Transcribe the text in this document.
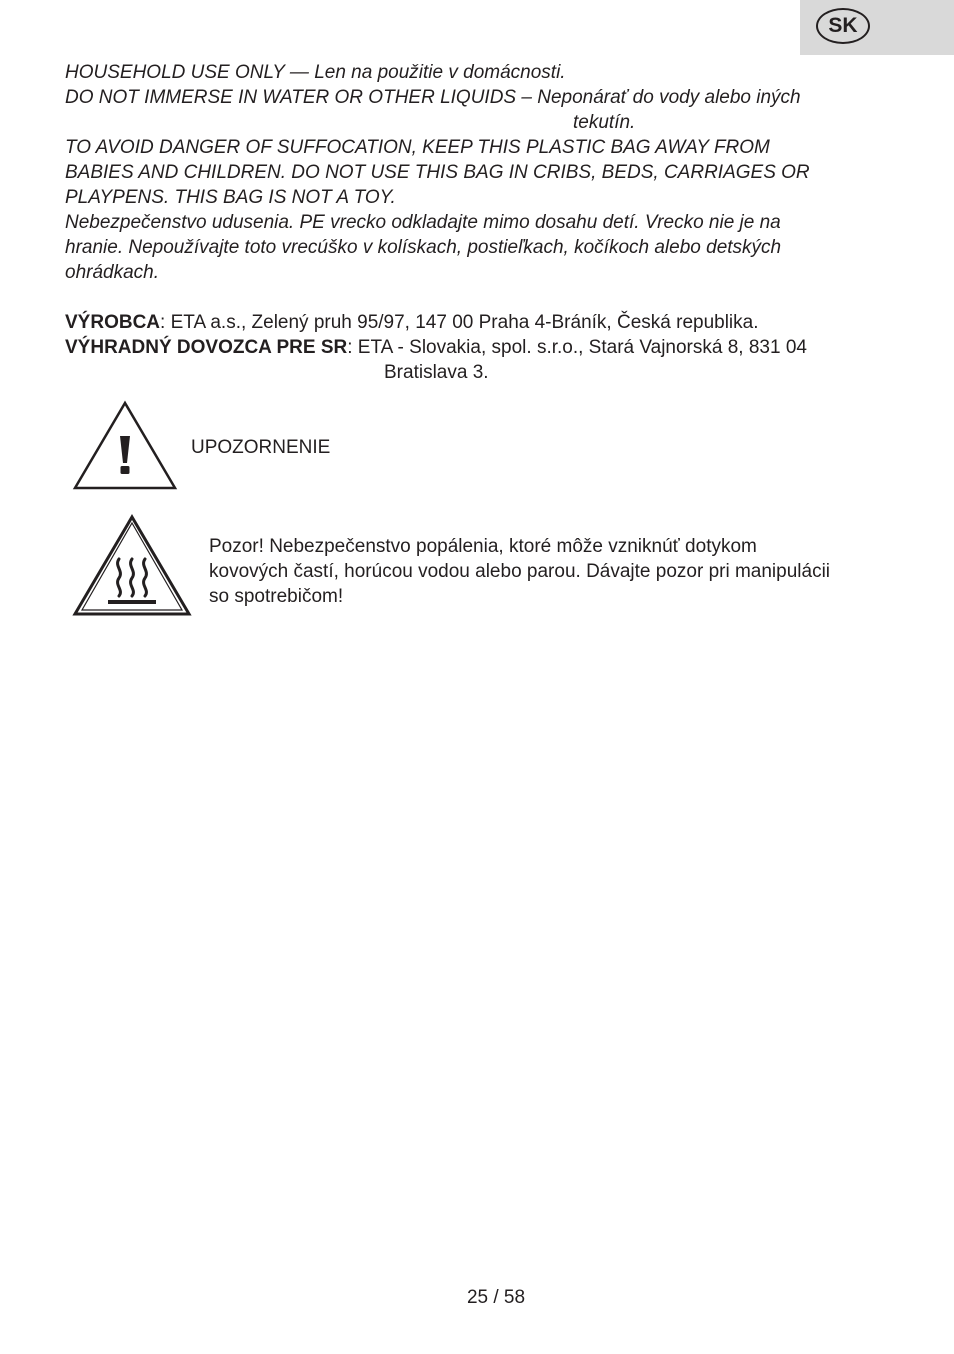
SK

HOUSEHOLD USE ONLY — Len na použitie v domácnosti.
DO NOT IMMERSE IN WATER OR OTHER LIQUIDS – Neponárať do vody alebo iných
tekutín.
TO AVOID DANGER OF SUFFOCATION, KEEP THIS PLASTIC BAG AWAY FROM
BABIES AND CHILDREN. DO NOT USE THIS BAG IN CRIBS, BEDS, CARRIAGES OR
PLAYPENS. THIS BAG IS NOT A TOY.
Nebezpečenstvo udusenia. PE vrecko odkladajte mimo dosahu detí. Vrecko nie je na
hranie. Nepoužívajte toto vrecúško v kolískach, postieľkach, kočíkoch alebo detských
ohrádkach.

VÝROBCA: ETA a.s., Zelený pruh 95/97, 147 00 Praha 4-Bráník, Česká republika.
VÝHRADNÝ DOVOZCA PRE SR: ETA - Slovakia, spol. s.r.o., Stará Vajnorská 8, 831 04
Bratislava 3.

UPOZORNENIE
Pozor! Nebezpečenstvo popálenia, ktoré môže vzniknúť dotykom
kovových častí, horúcou vodou alebo parou. Dávajte pozor pri manipulácii
so spotrebičom!
25 / 58
